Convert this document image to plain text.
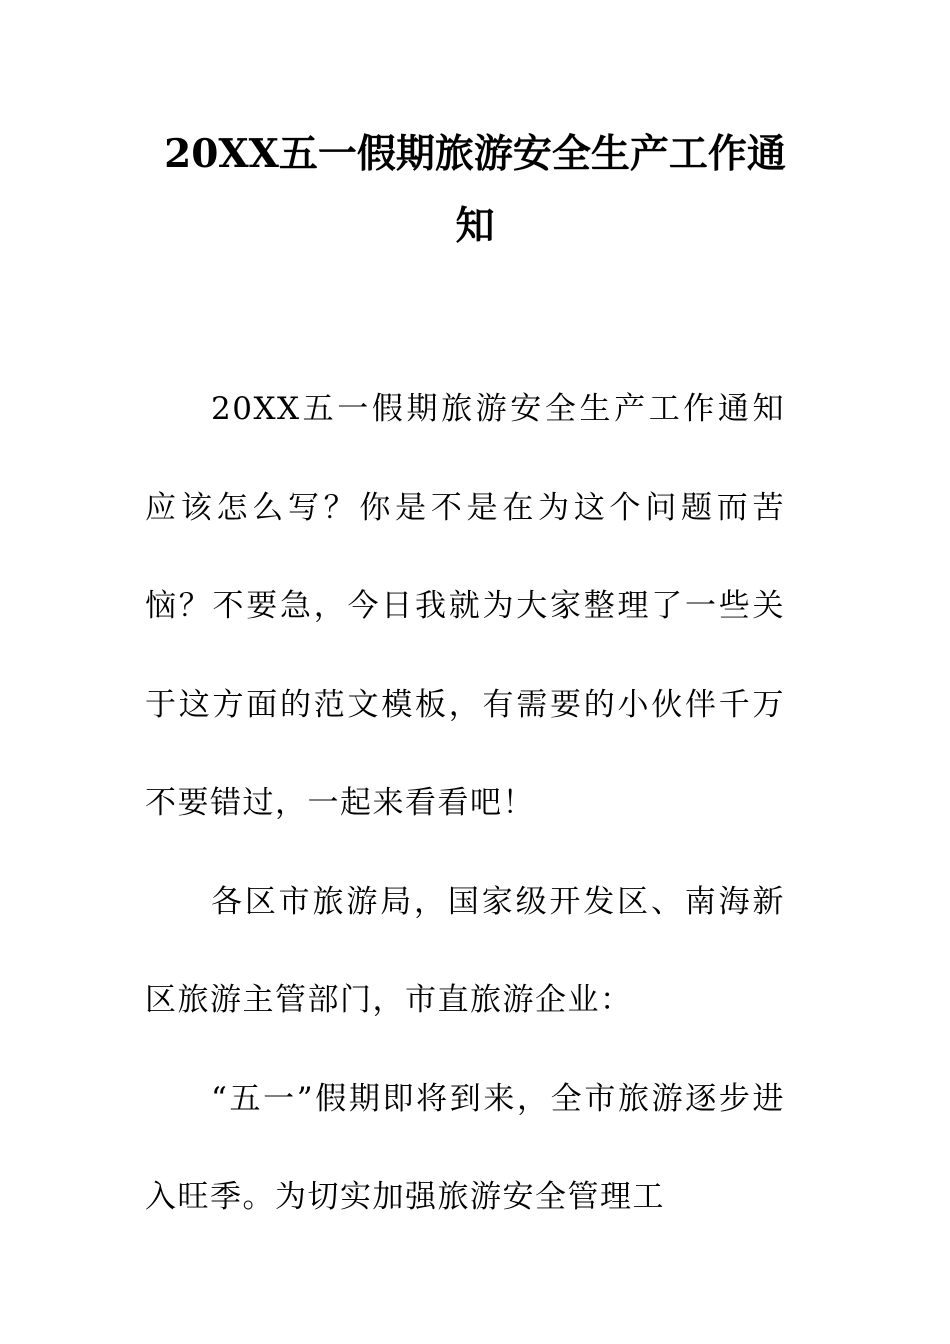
20XX五一假期旅游安全生产工作通
知

20XX五一假期旅游安全生产工作通知应该怎么写？你是不是在为这个问题而苦恼？不要急，今日我就为大家整理了一些关于这方面的范文模板，有需要的小伙伴千万不要错过，一起来看看吧！

各区市旅游局，国家级开发区、南海新区旅游主管部门，市直旅游企业：

“五一”假期即将到来，全市旅游逐步进入旺季。为切实加强旅游安全管理工
